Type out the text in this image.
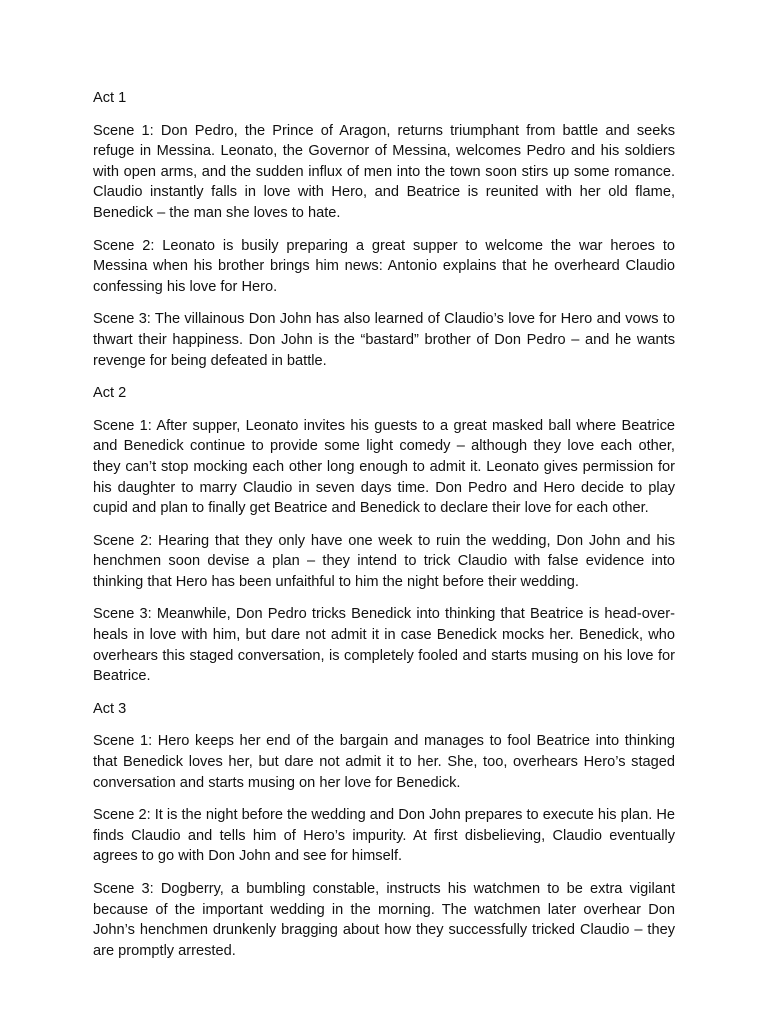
Act 1

Scene 1: Don Pedro, the Prince of Aragon, returns triumphant from battle and seeks refuge in Messina. Leonato, the Governor of Messina, welcomes Pedro and his soldiers with open arms, and the sudden influx of men into the town soon stirs up some romance. Claudio instantly falls in love with Hero, and Beatrice is reunited with her old flame, Benedick – the man she loves to hate.

Scene 2: Leonato is busily preparing a great supper to welcome the war heroes to Messina when his brother brings him news: Antonio explains that he overheard Claudio confessing his love for Hero.

Scene 3: The villainous Don John has also learned of Claudio’s love for Hero and vows to thwart their happiness. Don John is the “bastard” brother of Don Pedro – and he wants revenge for being defeated in battle.

Act 2

Scene 1: After supper, Leonato invites his guests to a great masked ball where Beatrice and Benedick continue to provide some light comedy – although they love each other, they can’t stop mocking each other long enough to admit it. Leonato gives permission for his daughter to marry Claudio in seven days time. Don Pedro and Hero decide to play cupid and plan to finally get Beatrice and Benedick to declare their love for each other.

Scene 2: Hearing that they only have one week to ruin the wedding, Don John and his henchmen soon devise a plan – they intend to trick Claudio with false evidence into thinking that Hero has been unfaithful to him the night before their wedding.

Scene 3: Meanwhile, Don Pedro tricks Benedick into thinking that Beatrice is head-over-heals in love with him, but dare not admit it in case Benedick mocks her. Benedick, who overhears this staged conversation, is completely fooled and starts musing on his love for Beatrice.

Act 3

Scene 1: Hero keeps her end of the bargain and manages to fool Beatrice into thinking that Benedick loves her, but dare not admit it to her. She, too, overhears Hero’s staged conversation and starts musing on her love for Benedick.

Scene 2: It is the night before the wedding and Don John prepares to execute his plan. He finds Claudio and tells him of Hero’s impurity. At first disbelieving, Claudio eventually agrees to go with Don John and see for himself.

Scene 3: Dogberry, a bumbling constable, instructs his watchmen to be extra vigilant because of the important wedding in the morning. The watchmen later overhear Don John’s henchmen drunkenly bragging about how they successfully tricked Claudio – they are promptly arrested.
